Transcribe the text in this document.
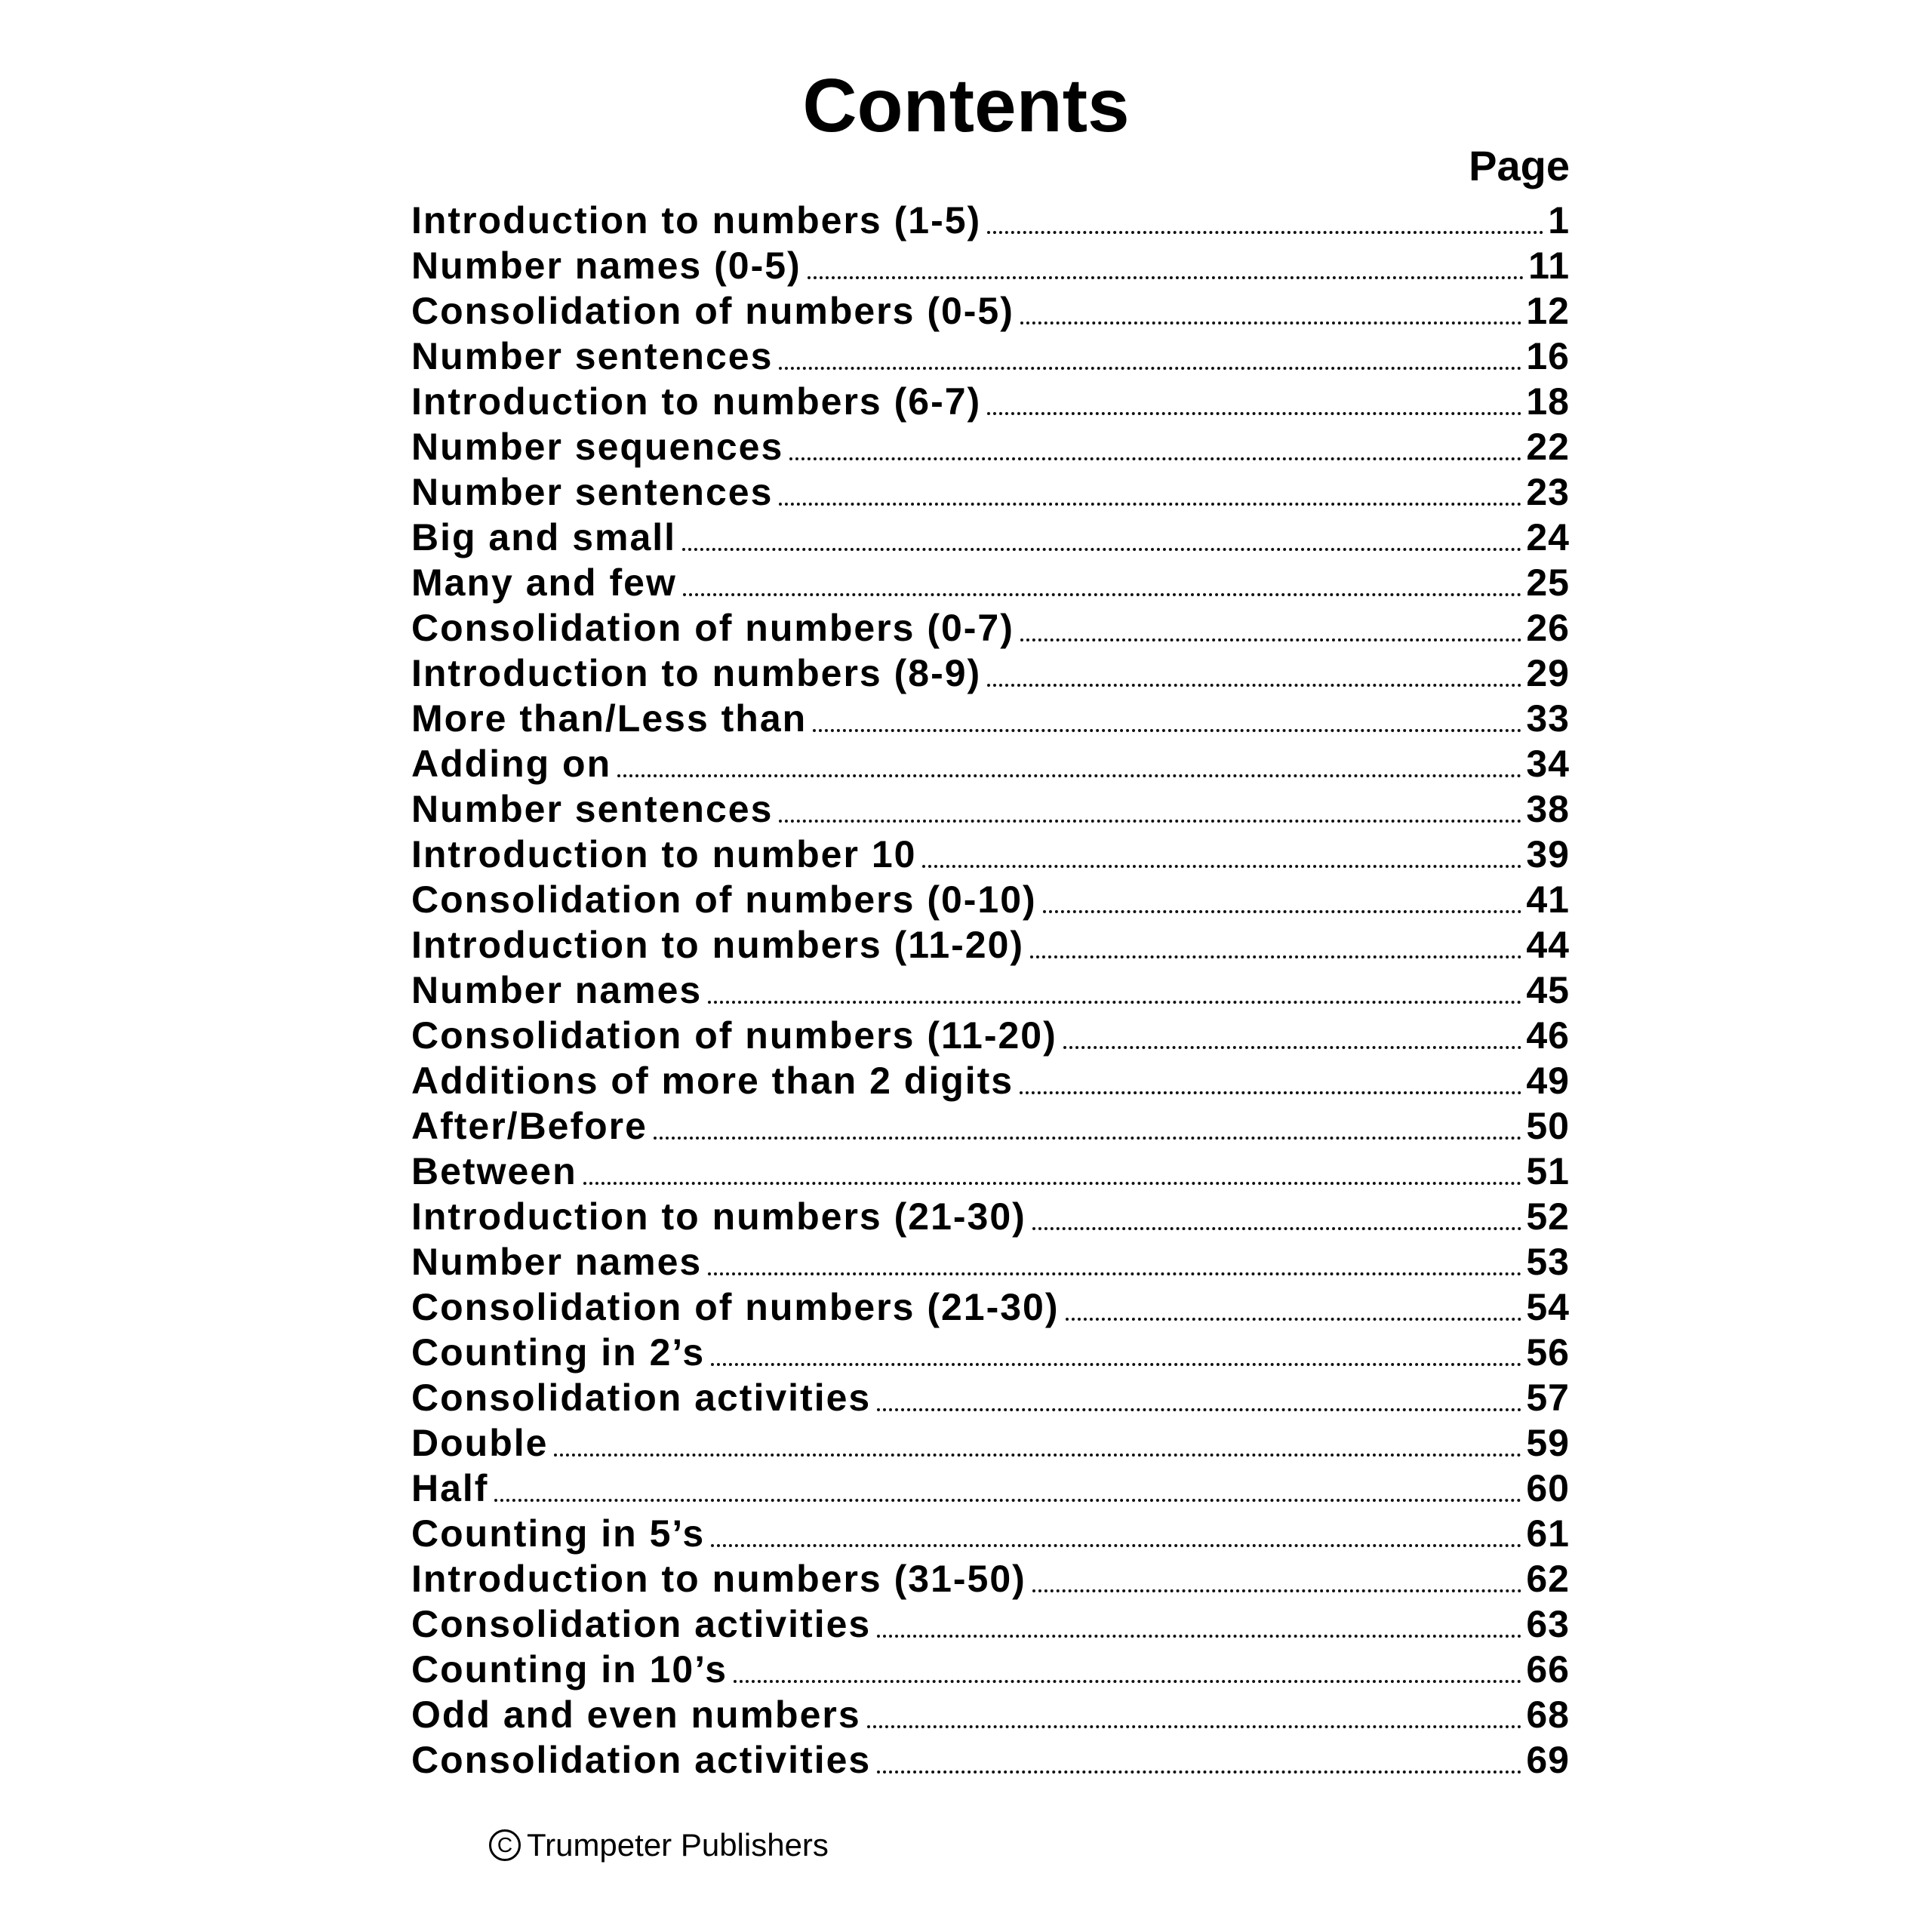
Contents
Page
Introduction to numbers (1-5)	1
Number names (0-5)	11
Consolidation of numbers (0-5)	12
Number sentences	16
Introduction to numbers (6-7)	18
Number sequences	22
Number sentences	23
Big and small	24
Many and few	25
Consolidation of numbers (0-7)	26
Introduction to numbers (8-9)	29
More than/Less than	33
Adding on	34
Number sentences	38
Introduction to number 10	39
Consolidation of numbers (0-10)	41
Introduction to numbers (11-20)	44
Number names	45
Consolidation of numbers (11-20)	46
Additions of more than 2 digits	49
After/Before	50
Between	51
Introduction to numbers (21-30)	52
Number names	53
Consolidation of numbers (21-30)	54
Counting in 2’s	56
Consolidation activities	57
Double	59
Half	60
Counting in 5’s	61
Introduction to numbers (31-50)	62
Consolidation activities	63
Counting in 10’s	66
Odd and even numbers	68
Consolidation activities	69
C Trumpeter Publishers
